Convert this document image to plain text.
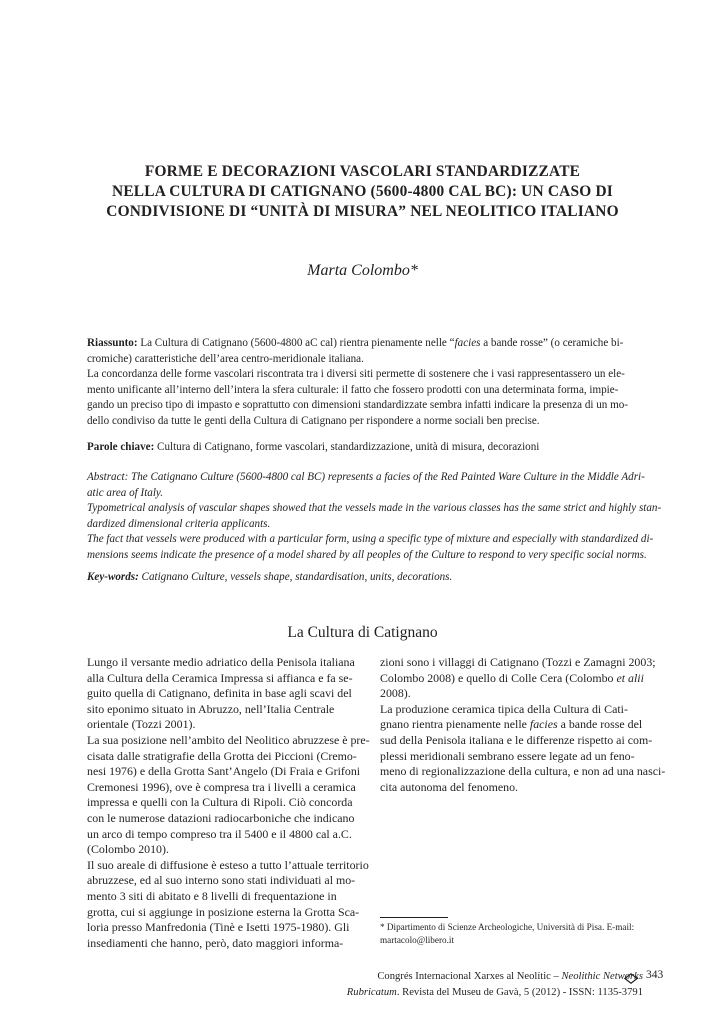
FORME E DECORAZIONI VASCOLARI STANDARDIZZATE
NELLA CULTURA DI CATIGNANO (5600-4800 CAL BC): UN CASO DI
CONDIVISIONE DI “UNITÀ DI MISURA” NEL NEOLITICO ITALIANO
Marta Colombo*
Riassunto: La Cultura di Catignano (5600-4800 aC cal) rientra pienamente nelle “facies a bande rosse” (o ceramiche bi-
cromiche) caratteristiche dell’area centro-meridionale italiana.
La concordanza delle forme vascolari riscontrata tra i diversi siti permette di sostenere che i vasi rappresentassero un ele-
mento unificante all’interno dell’intera la sfera culturale: il fatto che fossero prodotti con una determinata forma, impie-
gando un preciso tipo di impasto e soprattutto con dimensioni standardizzate sembra infatti indicare la presenza di un mo-
dello condiviso da tutte le genti della Cultura di Catignano per rispondere a norme sociali ben precise.
Parole chiave: Cultura di Catignano, forme vascolari, standardizzazione, unità di misura, decorazioni
Abstract: The Catignano Culture (5600-4800 cal BC) represents a facies of the Red Painted Ware Culture in the Middle Adri-
atic area of Italy.
Typometrical analysis of vascular shapes showed that the vessels made in the various classes has the same strict and highly stan-
dardized dimensional criteria applicants.
The fact that vessels were produced with a particular form, using a specific type of mixture and especially with standardized di-
mensions seems indicate the presence of a model shared by all peoples of the Culture to respond to very specific social norms.
Key-words: Catignano Culture, vessels shape, standardisation, units, decorations.
La Cultura di Catignano
Lungo il versante medio adriatico della Penisola italiana
alla Cultura della Ceramica Impressa si affianca e fa se-
guito quella di Catignano, definita in base agli scavi del
sito eponimo situato in Abruzzo, nell’Italia Centrale
orientale (Tozzi 2001).
La sua posizione nell’ambito del Neolitico abruzzese è pre-
cisata dalle stratigrafie della Grotta dei Piccioni (Cremo-
nesi 1976) e della Grotta Sant’Angelo (Di Fraia e Grifoni
Cremonesi 1996), ove è compresa tra i livelli a ceramica
impressa e quelli con la Cultura di Ripoli. Ciò concorda
con le numerose datazioni radiocarboniche che indicano
un arco di tempo compreso tra il 5400 e il 4800 cal a.C.
(Colombo 2010).
Il suo areale di diffusione è esteso a tutto l’attuale territorio
abruzzese, ed al suo interno sono stati individuati al mo-
mento 3 siti di abitato e 8 livelli di frequentazione in
grotta, cui si aggiunge in posizione esterna la Grotta Sca-
loria presso Manfredonia (Tinè e Isetti 1975-1980). Gli
insediamenti che hanno, però, dato maggiori informa-
zioni sono i villaggi di Catignano (Tozzi e Zamagni 2003;
Colombo 2008) e quello di Colle Cera (Colombo et alii
2008).
La produzione ceramica tipica della Cultura di Cati-
gnano rientra pienamente nelle facies a bande rosse del
sud della Penisola italiana e le differenze rispetto ai com-
plessi meridionali sembrano essere legate ad un feno-
meno di regionalizzazione della cultura, e non ad una nasci-
cita autonoma del fenomeno.
* Dipartimento di Scienze Archeologiche, Università di Pisa. E-mail:
martacolo@libero.it
Congrés Internacional Xarxes al Neolític – Neolithic Networks
Rubricatum. Revista del Museu de Gavà, 5 (2012) - ISSN: 1135-3791
343
